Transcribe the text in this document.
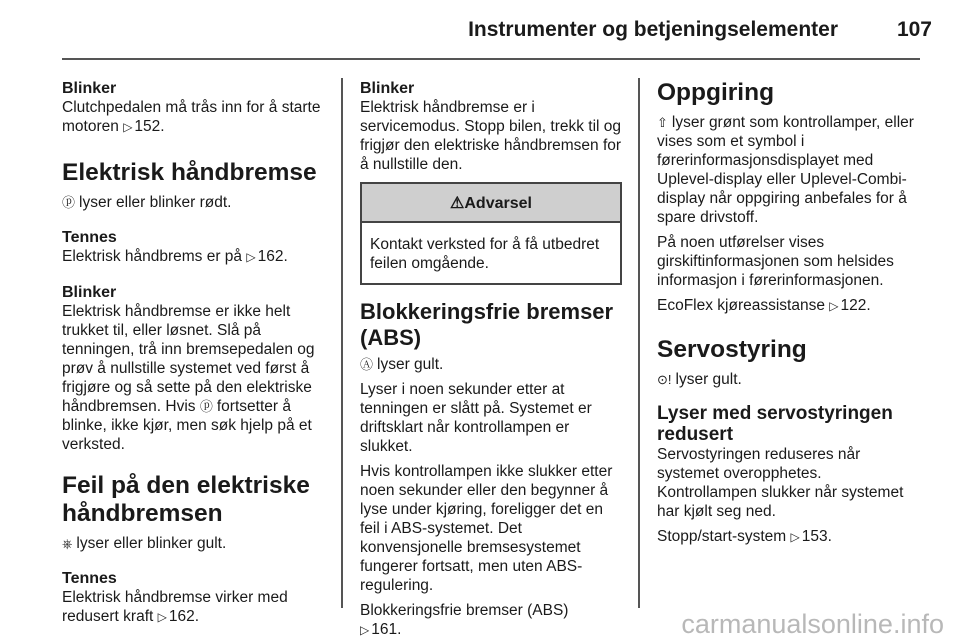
Instrumenter og betjeningselementer	107

Blinker

Clutchpedalen må trås inn for å starte motoren ▷ 152.

Elektrisk håndbremse

ⓟ lyser eller blinker rødt.

Tennes

Elektrisk håndbrems er på ▷ 162.

Blinker

Elektrisk håndbremse er ikke helt trukket til, eller løsnet. Slå på tenningen, trå inn bremsepedalen og prøv å nullstille systemet ved først å frigjøre og så sette på den elektriske håndbremsen. Hvis ⓟ fortsetter å blinke, ikke kjør, men søk hjelp på et verksted.

Feil på den elektriske håndbremsen

⎈ lyser eller blinker gult.

Tennes

Elektrisk håndbremse virker med redusert kraft ▷ 162.

Blinker

Elektrisk håndbremse er i servicemodus. Stopp bilen, trekk til og frigjør den elektriske håndbremsen for å nullstille den.

⚠Advarsel
Kontakt verksted for å få utbedret feilen omgående.

Blokkeringsfrie bremser (ABS)

Ⓐ lyser gult.

Lyser i noen sekunder etter at tenningen er slått på. Systemet er driftsklart når kontrollampen er slukket.

Hvis kontrollampen ikke slukker etter noen sekunder eller den begynner å lyse under kjøring, foreligger det en feil i ABS-systemet. Det konvensjonelle bremsesystemet fungerer fortsatt, men uten ABS-regulering.

Blokkeringsfrie bremser (ABS)
▷ 161.

Oppgiring

⇧ lyser grønt som kontrollamper, eller vises som et symbol i førerinformasjonsdisplayet med Uplevel-display eller Uplevel-Combi-display når oppgiring anbefales for å spare drivstoff.

På noen utførelser vises girskiftinformasjonen som helsides informasjon i førerinformasjonen.

EcoFlex kjøreassistanse ▷ 122.

Servostyring

⊙! lyser gult.

Lyser med servostyringen redusert

Servostyringen reduseres når systemet overopphetes. Kontrollampen slukker når systemet har kjølt seg ned.

Stopp/start-system ▷ 153.

carmanualsonline.info
